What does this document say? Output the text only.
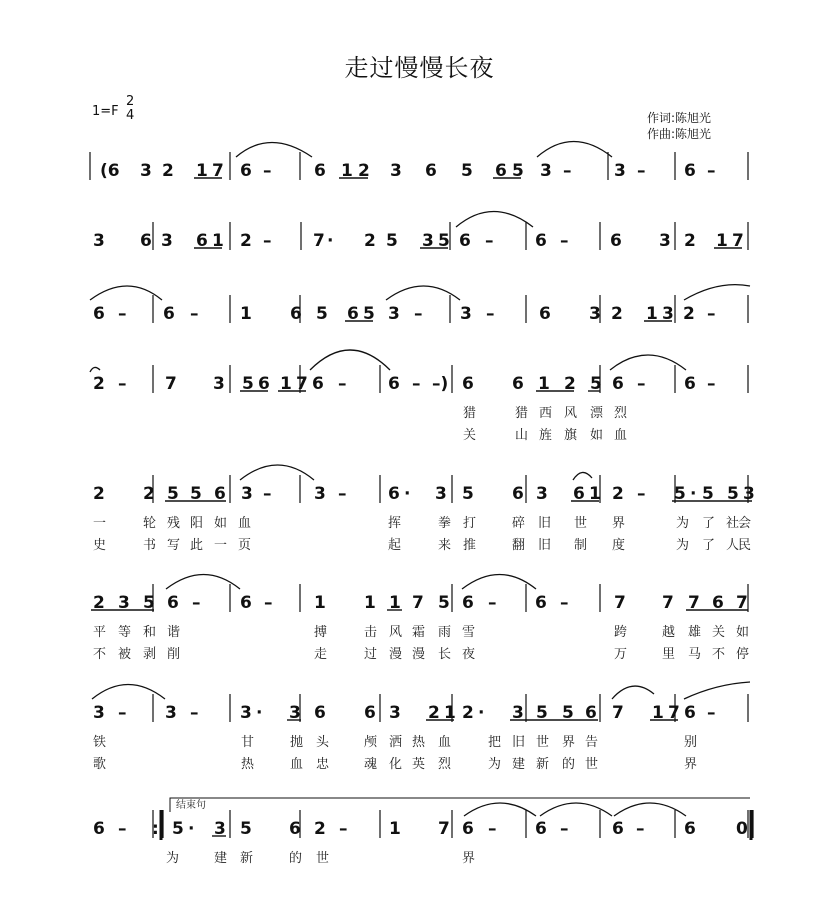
走过慢慢长夜
1=F
2
4	作词:陈旭光
作曲:陈旭光
结束句
(6 3 2 1 7 6 –	6 1 2 3 6 5 6 5 3 –	3 – 6 –
3 6 3 6 1 2 – 7 · 2 5 3 5 6 – 6 – 6 3 2 1 7
6 – 6 – 1 6 5 6 5 3 – 3 –	6 3 2 1 3 2 –
2 – 7 3 5 6 1 7 6 – 6 – –) 6 6 1 2 5 6 – 6 –
猎	猎 西 风 漂 烈
关	山 旌 旗 如 血
2 2 5 5 6 3 –	3 – 6 · 3 5 6 3 6 1 2 – 5 · 5 5 3
一	轮 残 阳 如 血	挥	拳 打	碎 旧 世 界	为 了 社
会
史	书 写 此 一 页	起	来 推	翻 旧 制 度	为 了 人
民
2 3 5 6 – 6 – 1 1 1 7 5 6 – 6 –	7 7 7 6 7
平 等 和 谐	搏	击 风 霜 雨 雪	跨	越 雄 关 如
不 被 剥 削	走	过 漫 漫 长 夜	万	里 马 不 停
3 – 3 – 3 · 3 6 6 3 2 1 2 · 3 5 5 6 7 1 7 6 –
铁	甘	抛 头	颅 洒 热 血	把 旧 世 界 告	别
歌	热	血 忠	魂 化 英 烈	为 建 新 的 世	界
6 – : 5 · 3 5 6 2 – 1 7 6 – 6 –	6 – 6 0
为	建 新	的 世	界
